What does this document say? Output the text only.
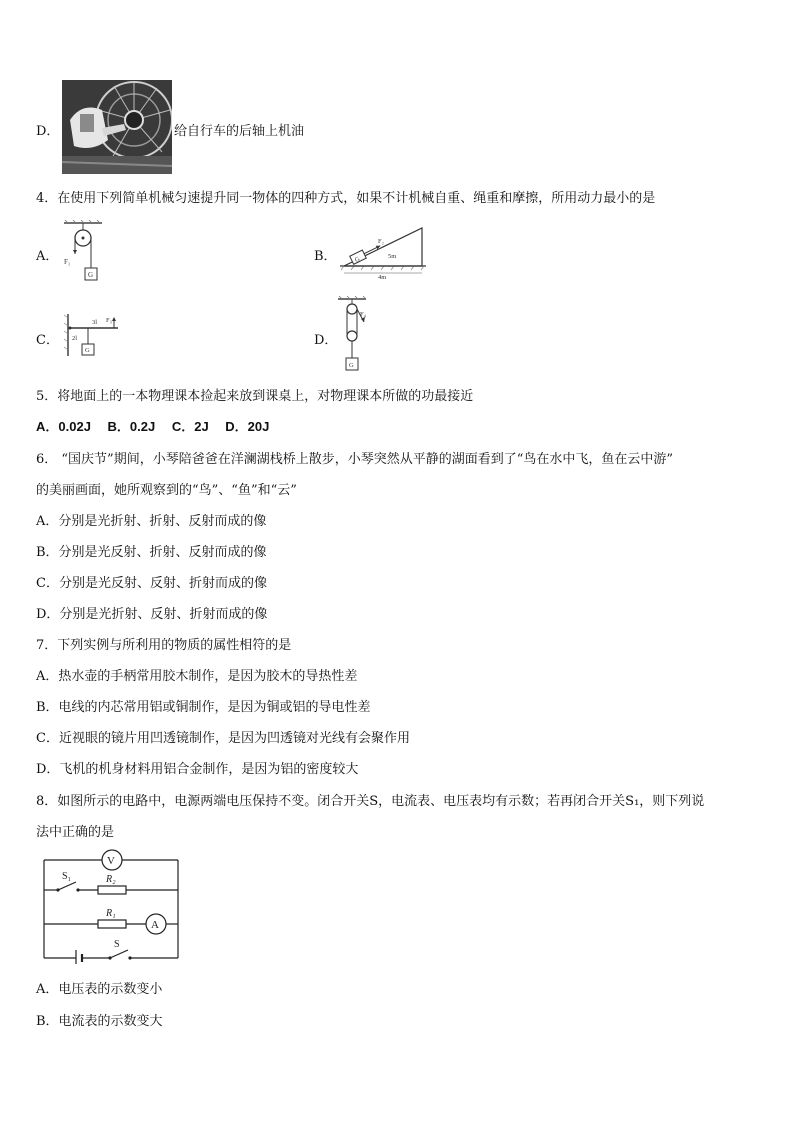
D．	给自行车的后轴上机油
4．在使用下列简单机械匀速提升同一物体的四种方式，如果不计机械自重、绳重和摩擦，所用动力最小的是
A． F₁
G
B．	G
F₂
5m
4m
C．
3l F₃
2l
G
D．
F₄
G
5．将地面上的一本物理课本捡起来放到课桌上，对物理课本所做的功最接近
A．0.02J　 B．0.2J　 C．2J　 D．20J
6． “国庆节”期间，小琴陪爸爸在洋澜湖栈桥上散步，小琴突然从平静的湖面看到了“鸟在水中飞，鱼在云中游”
的美丽画面，她所观察到的“鸟”、“鱼”和“云”
A．分别是光折射、折射、反射而成的像
B．分别是光反射、折射、反射而成的像
C．分别是光反射、反射、折射而成的像
D．分别是光折射、反射、折射而成的像
7．下列实例与所利用的物质的属性相符的是
A．热水壶的手柄常用胶木制作，是因为胶木的导热性差
B．电线的内芯常用铝或铜制作，是因为铜或铝的导电性差
C．近视眼的镜片用凹透镜制作，是因为凹透镜对光线有会聚作用
D．飞机的机身材料用铝合金制作，是因为铝的密度较大
8．如图所示的电路中，电源两端电压保持不变。闭合开关S，电流表、电压表均有示数；若再闭合开关S₁，则下列说
法中正确的是
V
A
S₁	R₂
R₁
S
A．电压表的示数变小
B．电流表的示数变大
